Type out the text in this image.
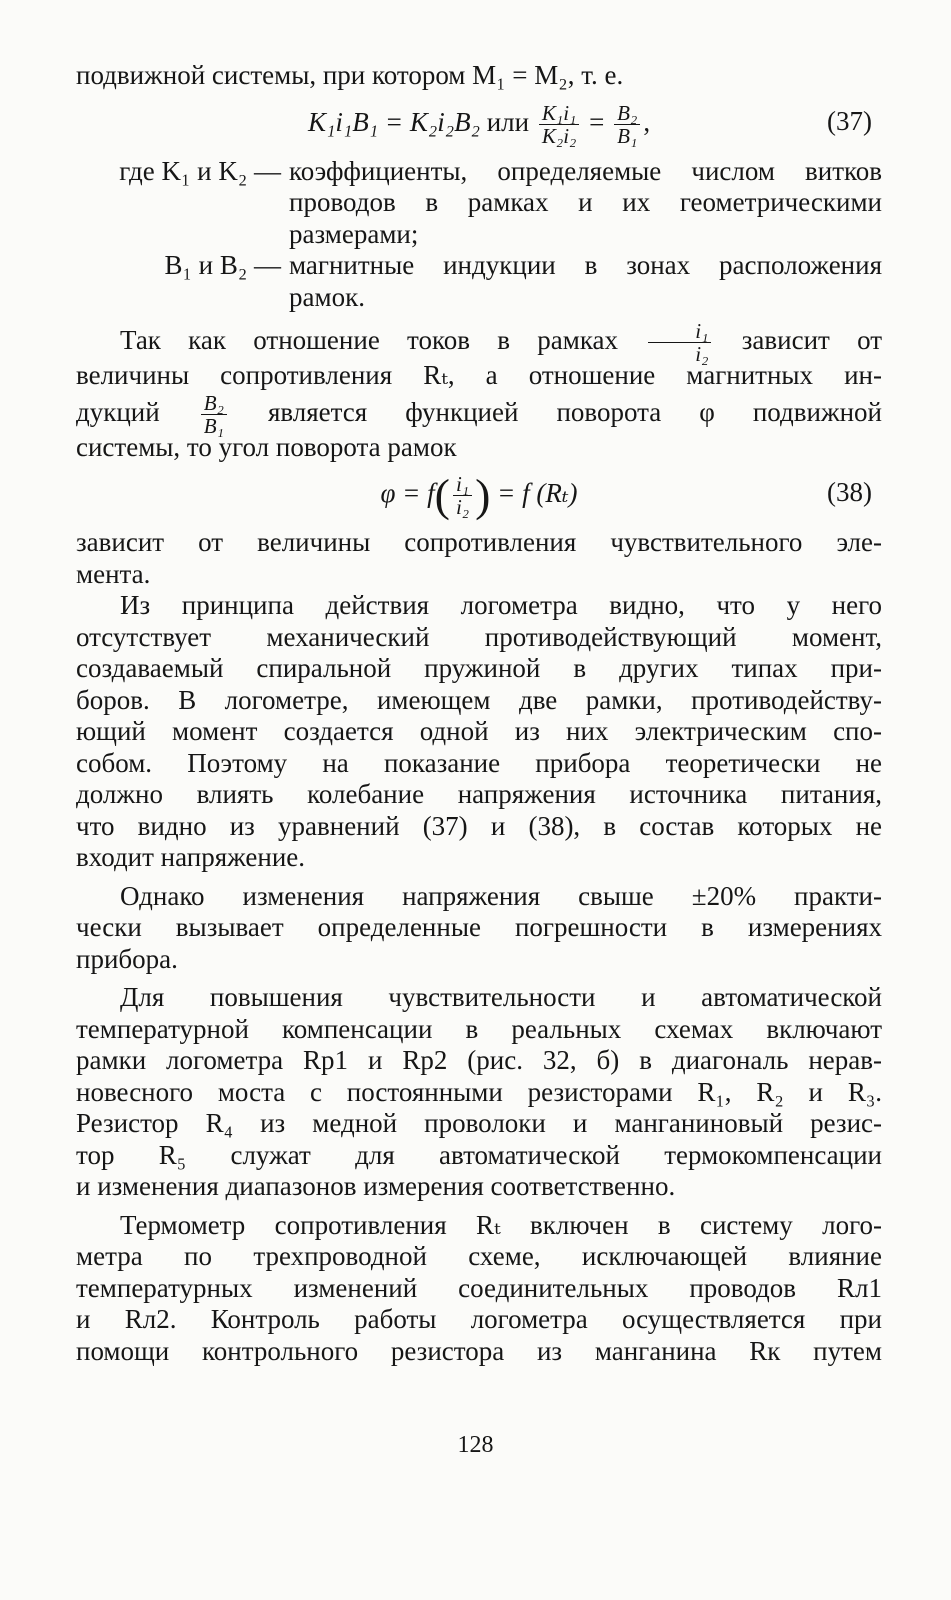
подвижной системы, при котором M₁ = M₂, т. е.

K₁i₁B₁ = K₂i₂B₂ или $\frac{\text{K₁i₁}}{\text{K₂i₂}} = \frac{\text{B₂}}{\text{B₁}}$ ,	(37)
где K₁ и K₂ — коэффициенты, определяемые числом витков
проводов в рамках и их геометрическими
размерами;
B₁ и B₂ — магнитные индукции в зонах расположения
рамок.
Так как отношение токов в рамках $\frac{\text{i₁}}{\text{i₂}}$ зависит от
величины сопротивления Rₜ, а отношение магнитных ин-
дукций $\frac{\text{B₂}}{\text{B₁}}$ является функцией поворота φ подвижной
системы, то угол поворота рамок
$\varphi = f( \frac{\text{i₁}}{\text{i₂}}$ ) = f (Rₜ)	(38)
зависит от величины сопротивления чувствительного эле-
мента.
Из принципа действия логометра видно, что у него
отсутствует механический противодействующий момент,
создаваемый спиральной пружиной в других типах при-
боров. В логометре, имеющем две рамки, противодейству-
ющий момент создается одной из них электрическим спо-
собом. Поэтому на показание прибора теоретически не
должно влиять колебание напряжения источника питания,
что видно из уравнений (37) и (38), в состав которых не
входит напряжение.
Однако изменения напряжения свыше ±20% практи-
чески вызывает определенные погрешности в измерениях
прибора.
Для повышения чувствительности и автоматической
температурной компенсации в реальных схемах включают
рамки логометра Rр1 и Rр2 (рис. 32, б) в диагональ нерав-
новесного моста с постоянными резисторами R₁, R₂ и R₃.
Резистор R₄ из медной проволоки и манганиновый резис-
тор R₅ служат для автоматической термокомпенсации
и изменения диапазонов измерения соответственно.
Термометр сопротивления Rₜ включен в систему лого-
метра по трехпроводной схеме, исключающей влияние
температурных изменений соединительных проводов Rл1
и Rл2. Контроль работы логометра осуществляется при
помощи контрольного резистора из манганина Rк путем
128
